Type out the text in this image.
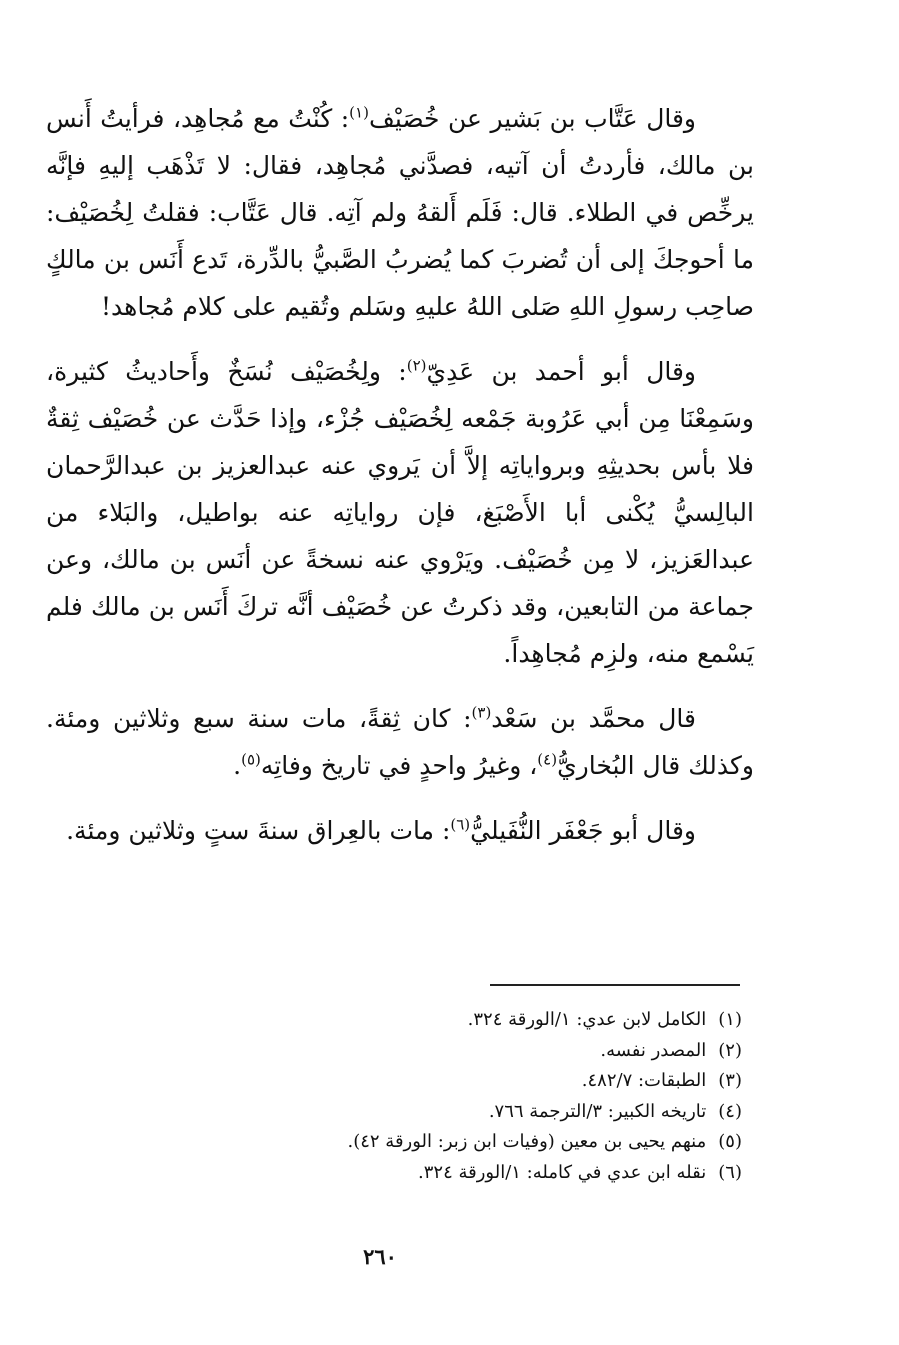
وقال عَتَّاب بن بَشير عن خُصَيْف$^{(١)}$: كُنْتُ مع مُجاهِد، فرأيتُ أَنس بن مالك، فأردتُ أن آتيه، فصدَّني مُجاهِد، فقال: لا تَذْهَب إليهِ فإنَّه يرخِّص في الطلاء. قال: فَلَم أَلقهُ ولم آتِه. قال عَتَّاب: فقلتُ لِخُصَيْف: ما أحوجكَ إلى أن تُضربَ كما يُضربُ الصَّبيُّ بالدِّرة، تَدع أَنَس بن مالكٍ صاحِب رسولِ اللهِ صَلى اللهُ عليهِ وسَلم وتُقيم على كلام مُجاهد!

وقال أبو أحمد بن عَدِيّ$^{(٢)}$: ولِخُصَيْف نُسَخٌ وأَحاديثُ كثيرة، وسَمِعْنَا مِن أبي عَرُوبة جَمْعه لِخُصَيْف جُزْء، وإذا حَدَّث عن خُصَيْف ثِقةٌ فلا بأس بحديثِهِ وبرواياتِه إلاَّ أن يَروي عنه عبدالعزيز بن عبدالرَّحمان البالِسيُّ يُكْنى أبا الأَصْبَغ، فإن رواياتِه عنه بواطيل، والبَلاء من عبدالعَزيز، لا مِن خُصَيْف. ويَرْوي عنه نسخةً عن أنَس بن مالك، وعن جماعة من التابعين، وقد ذكرتُ عن خُصَيْف أنَّه تركَ أَنَس بن مالك فلم يَسْمع منه، ولزِم مُجاهِداً.

قال محمَّد بن سَعْد$^{(٣)}$: كان ثِقةً، مات سنة سبع وثلاثين ومئة. وكذلك قال البُخاريُّ$^{(٤)}$، وغيرُ واحدٍ في تاريخ وفاتِه$^{(٥)}$.

وقال أبو جَعْفَر النُّفَيليُّ$^{(٦)}$: مات بالعِراق سنةَ ستٍ وثلاثين ومئة.

(١)الكامل لابن عدي: ١/الورقة ٣٢٤.
(٢)المصدر نفسه.
(٣)الطبقات: ٤٨٢/٧.
(٤)تاريخه الكبير: ٣/الترجمة ٧٦٦.
(٥)منهم يحيى بن معين (وفيات ابن زبر: الورقة ٤٢).
(٦)نقله ابن عدي في كامله: ١/الورقة ٣٢٤.
٢٦٠
